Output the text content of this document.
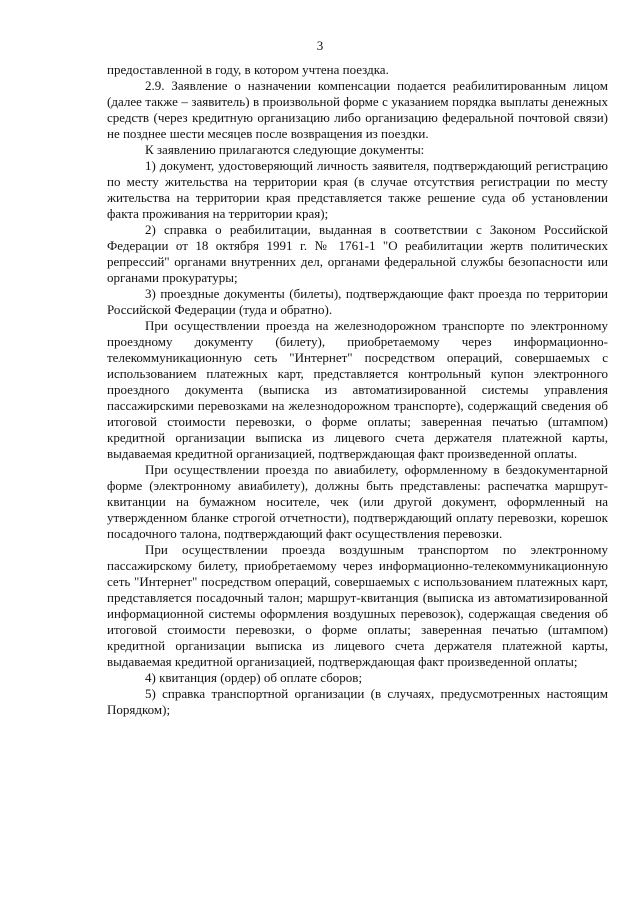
3

предоставленной в году, в котором учтена поездка.

2.9. Заявление о назначении компенсации подается реабилитированным лицом (далее также – заявитель) в произвольной форме с указанием порядка выплаты денежных средств (через кредитную организацию либо организацию федеральной почтовой связи) не позднее шести месяцев после возвращения из поездки.

К заявлению прилагаются следующие документы:

1) документ, удостоверяющий личность заявителя, подтверждающий регистрацию по месту жительства на территории края (в случае отсутствия регистрации по месту жительства на территории края представляется также решение суда об установлении факта проживания на территории края);

2) справка о реабилитации, выданная в соответствии с Законом Российской Федерации от 18 октября 1991 г. № 1761-1 "О реабилитации жертв политических репрессий" органами внутренних дел, органами федеральной службы безопасности или органами прокуратуры;

3) проездные документы (билеты), подтверждающие факт проезда по территории Российской Федерации (туда и обратно).

При осуществлении проезда на железнодорожном транспорте по электронному проездному документу (билету), приобретаемому через информационно-телекоммуникационную сеть "Интернет" посредством операций, совершаемых с использованием платежных карт, представляется контрольный купон электронного проездного документа (выписка из автоматизированной системы управления пассажирскими перевозками на железнодорожном транспорте), содержащий сведения об итоговой стоимости перевозки, о форме оплаты; заверенная печатью (штампом) кредитной организации выписка из лицевого счета держателя платежной карты, выдаваемая кредитной организацией, подтверждающая факт произведенной оплаты.

При осуществлении проезда по авиабилету, оформленному в бездокументарной форме (электронному авиабилету), должны быть представлены: распечатка маршрут-квитанции на бумажном носителе, чек (или другой документ, оформленный на утвержденном бланке строгой отчетности), подтверждающий оплату перевозки, корешок посадочного талона, подтверждающий факт осуществления перевозки.

При осуществлении проезда воздушным транспортом по электронному пассажирскому билету, приобретаемому через информационно-телекоммуникационную сеть "Интернет" посредством операций, совершаемых с использованием платежных карт, представляется посадочный талон; маршрут-квитанция (выписка из автоматизированной информационной системы оформления воздушных перевозок), содержащая сведения об итоговой стоимости перевозки, о форме оплаты; заверенная печатью (штампом) кредитной организации выписка из лицевого счета держателя платежной карты, выдаваемая кредитной организацией, подтверждающая факт произведенной оплаты;

4) квитанция (ордер) об оплате сборов;

5) справка транспортной организации (в случаях, предусмотренных настоящим Порядком);
